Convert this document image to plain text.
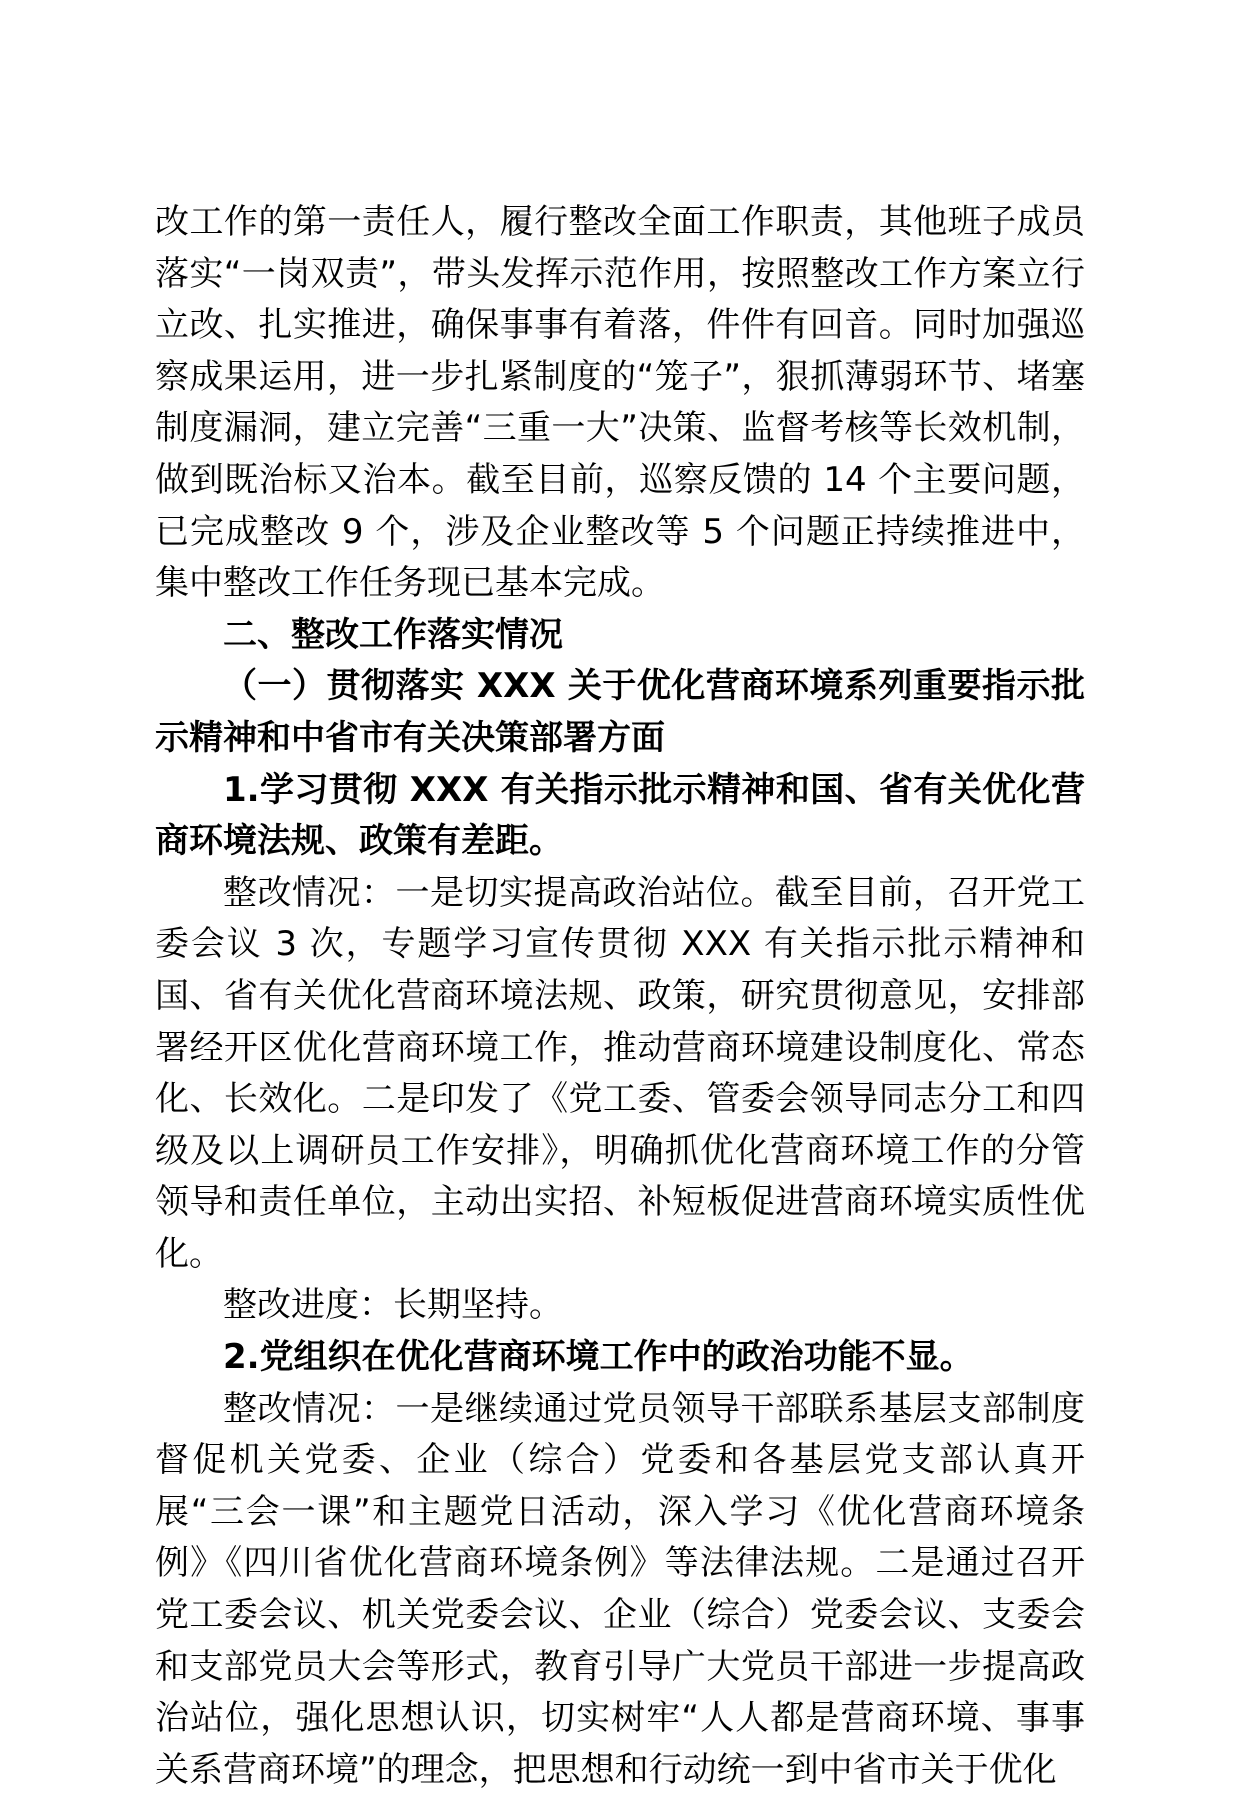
改工作的第一责任人，履行整改全面工作职责，其他班子成员落实“一岗双责”，带头发挥示范作用，按照整改工作方案立行立改、扎实推进，确保事事有着落，件件有回音。同时加强巡察成果运用，进一步扎紧制度的“笼子”，狠抓薄弱环节、堵塞制度漏洞，建立完善“三重一大”决策、监督考核等长效机制，做到既治标又治本。截至目前，巡察反馈的 14 个主要问题，已完成整改 9 个，涉及企业整改等 5 个问题正持续推进中，集中整改工作任务现已基本完成。

二、整改工作落实情况

（一）贯彻落实 XXX 关于优化营商环境系列重要指示批示精神和中省市有关决策部署方面

1.学习贯彻 XXX 有关指示批示精神和国、省有关优化营商环境法规、政策有差距。

整改情况：一是切实提高政治站位。截至目前，召开党工委会议 3 次，专题学习宣传贯彻 XXX 有关指示批示精神和国、省有关优化营商环境法规、政策，研究贯彻意见，安排部署经开区优化营商环境工作，推动营商环境建设制度化、常态化、长效化。二是印发了《党工委、管委会领导同志分工和四级及以上调研员工作安排》，明确抓优化营商环境工作的分管领导和责任单位，主动出实招、补短板促进营商环境实质性优化。

整改进度：长期坚持。

2.党组织在优化营商环境工作中的政治功能不显。

整改情况：一是继续通过党员领导干部联系基层支部制度督促机关党委、企业（综合）党委和各基层党支部认真开展“三会一课”和主题党日活动，深入学习《优化营商环境条例》《四川省优化营商环境条例》等法律法规。二是通过召开党工委会议、机关党委会议、企业（综合）党委会议、支委会和支部党员大会等形式，教育引导广大党员干部进一步提高政治站位，强化思想认识，切实树牢“人人都是营商环境、事事关系营商环境”的理念，把思想和行动统一到中省市关于优化
